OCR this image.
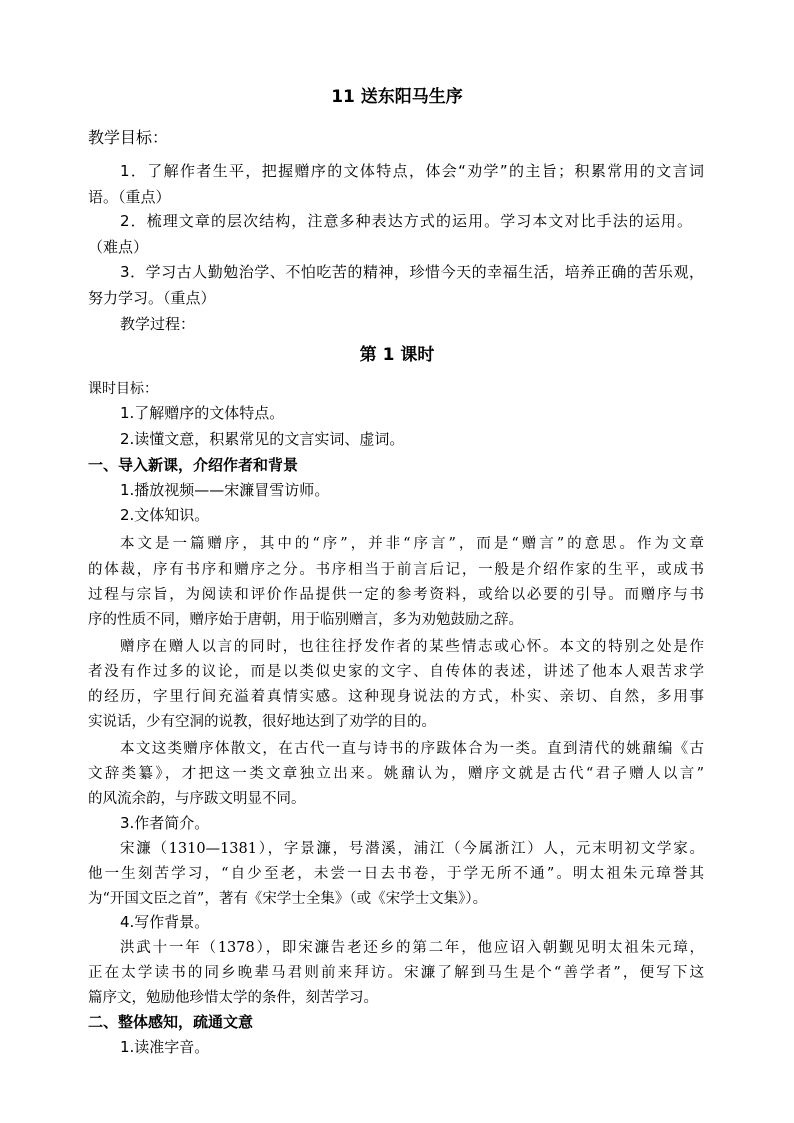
11 送东阳马生序
教学目标：
1．了解作者生平，把握赠序的文体特点，体会“劝学”的主旨；积累常用的文言词
语。（重点）
2．梳理文章的层次结构，注意多种表达方式的运用。学习本文对比手法的运用。
（难点）
3．学习古人勤勉治学、不怕吃苦的精神，珍惜今天的幸福生活，培养正确的苦乐观，
努力学习。（重点）
教学过程：
第 1 课时
课时目标：
1.了解赠序的文体特点。
2.读懂文意，积累常见的文言实词、虚词。
一、导入新课，介绍作者和背景
1.播放视频——宋濂冒雪访师。
2.文体知识。
本文是一篇赠序，其中的“序”，并非“序言”，而是“赠言”的意思。作为文章
的体裁，序有书序和赠序之分。书序相当于前言后记，一般是介绍作家的生平，或成书
过程与宗旨，为阅读和评价作品提供一定的参考资料，或给以必要的引导。而赠序与书
序的性质不同，赠序始于唐朝，用于临别赠言，多为劝勉鼓励之辞。
赠序在赠人以言的同时，也往往抒发作者的某些情志或心怀。本文的特别之处是作
者没有作过多的议论，而是以类似史家的文字、自传体的表述，讲述了他本人艰苦求学
的经历，字里行间充溢着真情实感。这种现身说法的方式，朴实、亲切、自然，多用事
实说话，少有空洞的说教，很好地达到了劝学的目的。
本文这类赠序体散文，在古代一直与诗书的序跋体合为一类。直到清代的姚鼐编《古
文辞类纂》，才把这一类文章独立出来。姚鼐认为，赠序文就是古代“君子赠人以言”
的风流余韵，与序跋文明显不同。
3.作者简介。
宋濂（1310—1381），字景濂，号潜溪，浦江（今属浙江）人，元末明初文学家。
他一生刻苦学习，“自少至老，未尝一日去书卷，于学无所不通”。明太祖朱元璋誉其
为“开国文臣之首”，著有《宋学士全集》（或《宋学士文集》）。
4.写作背景。
洪武十一年（1378），即宋濂告老还乡的第二年，他应诏入朝觐见明太祖朱元璋，
正在太学读书的同乡晚辈马君则前来拜访。宋濂了解到马生是个“善学者”，便写下这
篇序文，勉励他珍惜太学的条件，刻苦学习。
二、整体感知，疏通文意
1.读准字音。
